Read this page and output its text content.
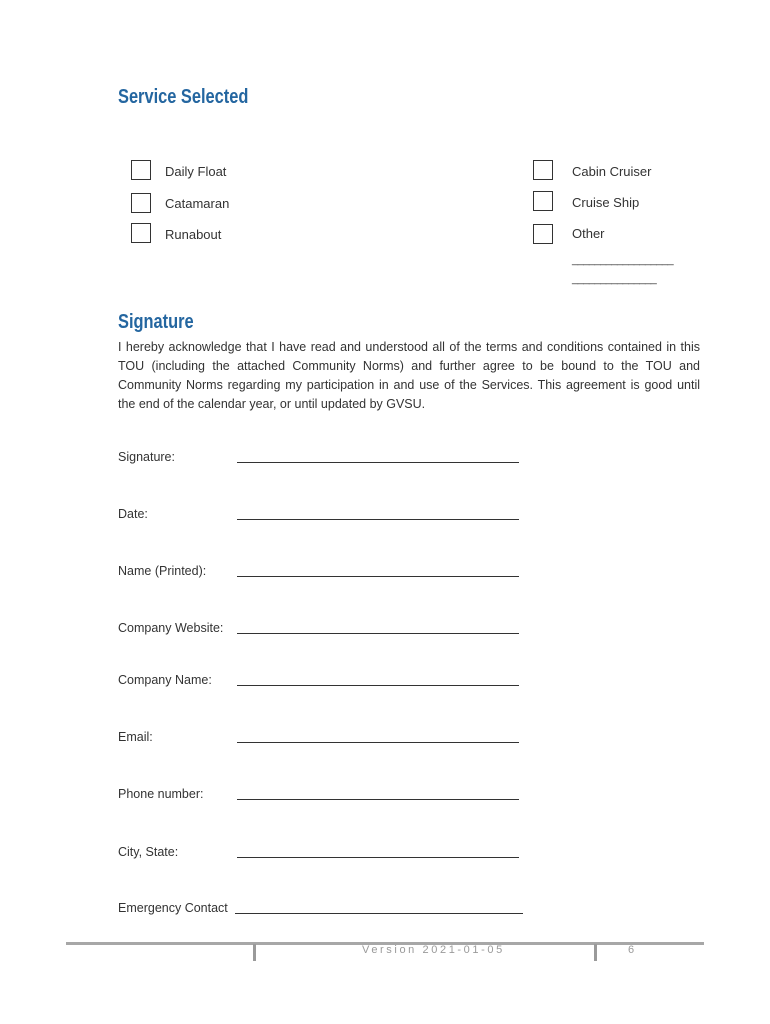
Service Selected
Daily Float
Catamaran
Runabout
Cabin Cruiser
Cruise Ship
Other
__________________
_______________
Signature
I hereby acknowledge that I have read and understood all of the terms and conditions contained in this TOU (including the attached Community Norms) and further agree to be bound to the TOU and Community Norms regarding my participation in and use of the Services. This agreement is good until the end of the calendar year, or until updated by GVSU.
Signature:
Date:
Name (Printed):
Company Website:
Company Name:
Email:
Phone number:
City, State:
Emergency Contact
Version 2021-01-05	6
